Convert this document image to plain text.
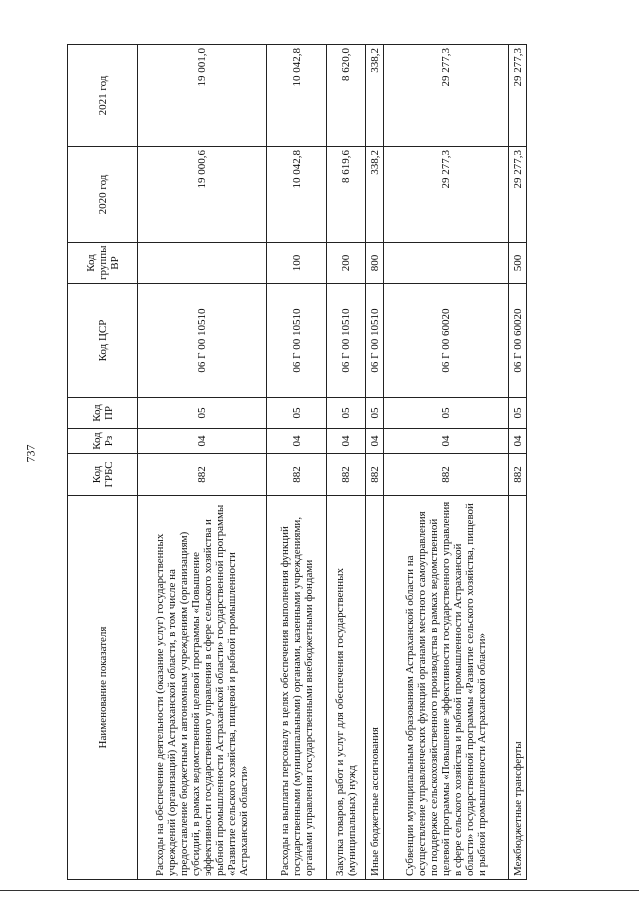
737
Наименование показателя	Код ГРБС	Код Рз	Код ПР	Код ЦСР	Код группы ВР	2020 год	2021 год
Расходы на обеспечение деятельности (оказание услуг) государственных учреждений (организаций) Астраханской области, в том числе на предоставление бюджетным и автономным учреждениям (организациям) субсидий, в рамках ведомственной целевой программы «Повышение эффективности государственного управления в сфере сельского хозяйства и рыбной промышленности Астраханской области» государственной программы «Развитие сельского хозяйства, пищевой и рыбной промышленности Астраханской области»	882	04	05	06 Г 00 10510		19 000,6	19 001,0
Расходы на выплаты персоналу в целях обеспечения выполнения функций государственными (муниципальными) органами, казенными учреждениями, органами управления государственными внебюджетными фондами	882	04	05	06 Г 00 10510	100	10 042,8	10 042,8
Закупка товаров, работ и услуг для обеспечения государственных (муниципальных) нужд	882	04	05	06 Г 00 10510	200	8 619,6	8 620,0
Иные бюджетные ассигнования	882	04	05	06 Г 00 10510	800	338,2	338,2
Субвенции муниципальным образованиям Астраханской области на осуществление управленческих функций органами местного самоуправления по поддержке сельскохозяйственного производства в рамках ведомственной целевой программы «Повышение эффективности государственного управления в сфере сельского хозяйства и рыбной промышленности Астраханской области» государственной программы «Развитие сельского хозяйства, пищевой и рыбной промышленности Астраханской области»	882	04	05	06 Г 00 60020		29 277,3	29 277,3
Межбюджетные трансферты	882	04	05	06 Г 00 60020	500	29 277,3	29 277,3
